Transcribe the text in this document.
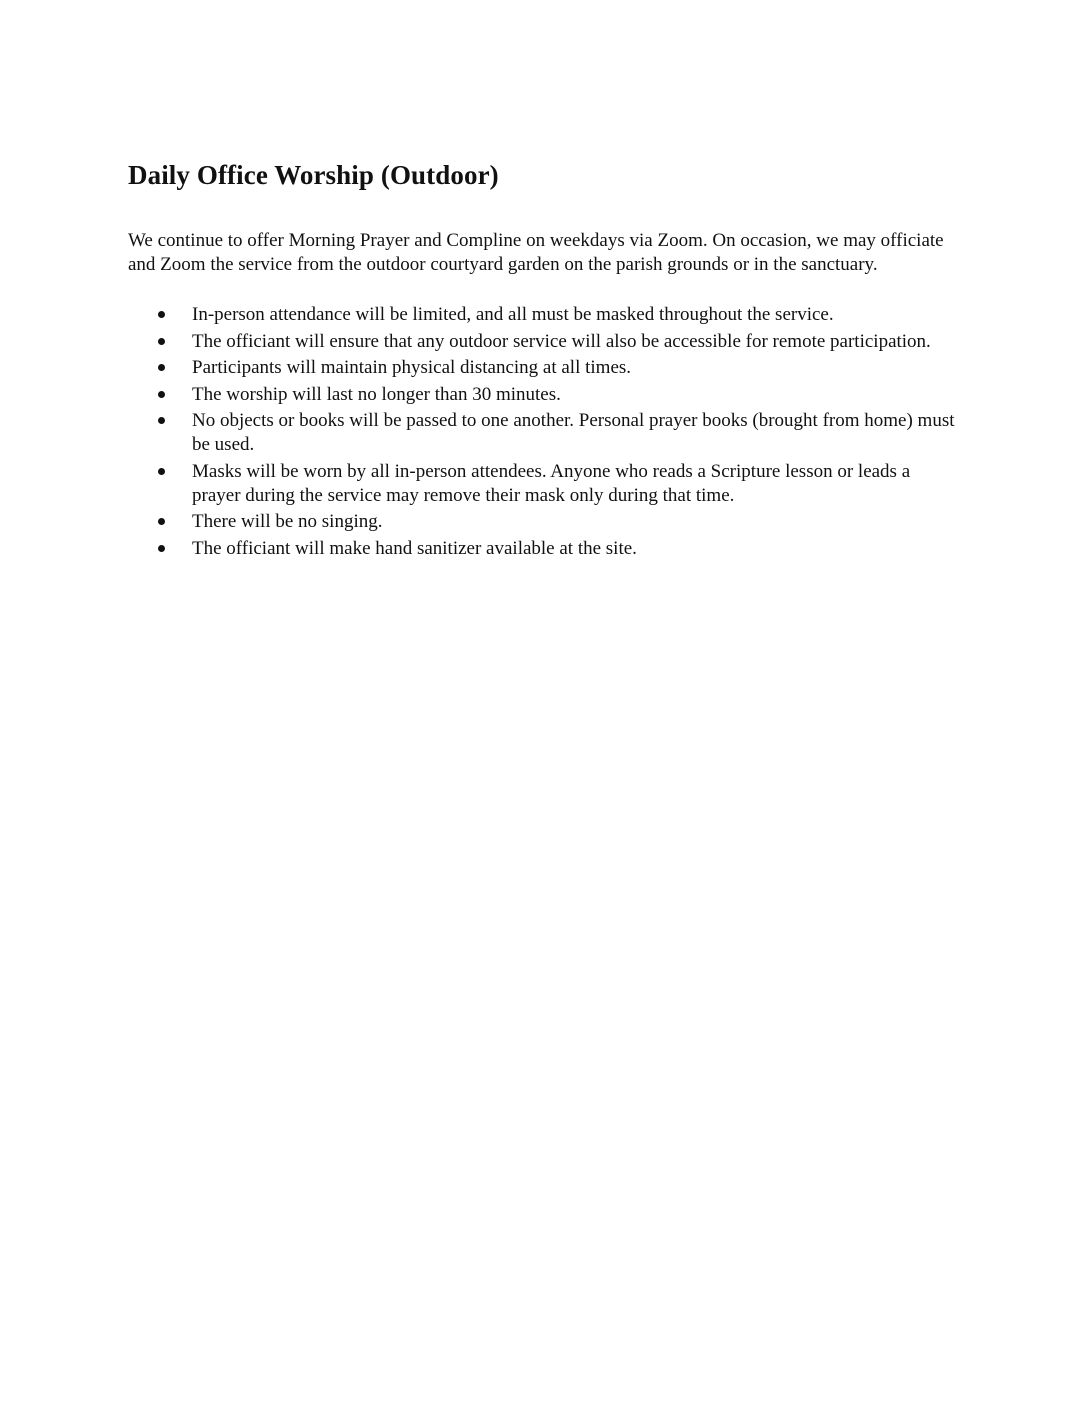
Daily Office Worship (Outdoor)

We continue to offer Morning Prayer and Compline on weekdays via Zoom. On occasion, we may officiate and Zoom the service from the outdoor courtyard garden on the parish grounds or in the sanctuary.

In-person attendance will be limited, and all must be masked throughout the service.
The officiant will ensure that any outdoor service will also be accessible for remote participation.
Participants will maintain physical distancing at all times.
The worship will last no longer than 30 minutes.
No objects or books will be passed to one another. Personal prayer books (brought from home) must be used.
Masks will be worn by all in-person attendees. Anyone who reads a Scripture lesson or leads a prayer during the service may remove their mask only during that time.
There will be no singing.
The officiant will make hand sanitizer available at the site.
